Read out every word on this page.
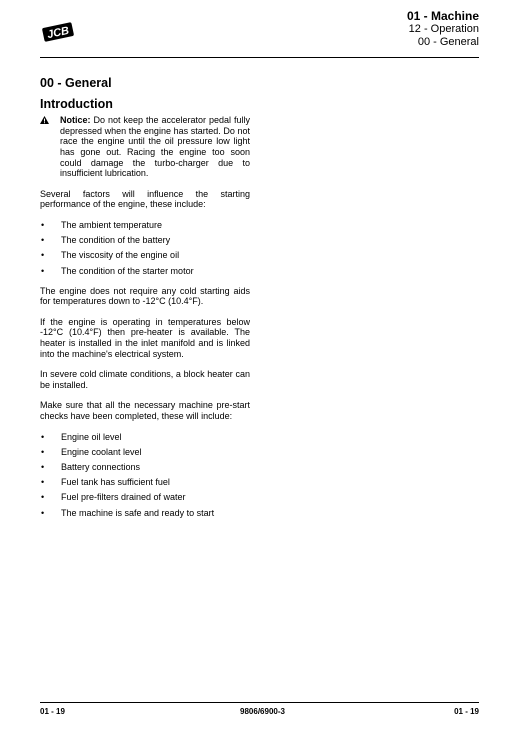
JCB
01 - Machine
12 - Operation
00 - General
00 - General
Introduction
Notice: Do not keep the accelerator pedal fully depressed when the engine has started. Do not race the engine until the oil pressure low light has gone out. Racing the engine too soon could damage the turbo-charger due to insufficient lubrication.

Several factors will influence the starting performance of the engine, these include:

• The ambient temperature
• The condition of the battery
• The viscosity of the engine oil
• The condition of the starter motor

The engine does not require any cold starting aids for temperatures down to -12°C (10.4°F).

If the engine is operating in temperatures below -12°C (10.4°F) then pre-heater is available. The heater is installed in the inlet manifold and is linked into the machine's electrical system.

In severe cold climate conditions, a block heater can be installed.

Make sure that all the necessary machine pre-start checks have been completed, these will include:

• Engine oil level
• Engine coolant level
• Battery connections
• Fuel tank has sufficient fuel
• Fuel pre-filters drained of water
• The machine is safe and ready to start
01 - 19	9806/6900-3	01 - 19
